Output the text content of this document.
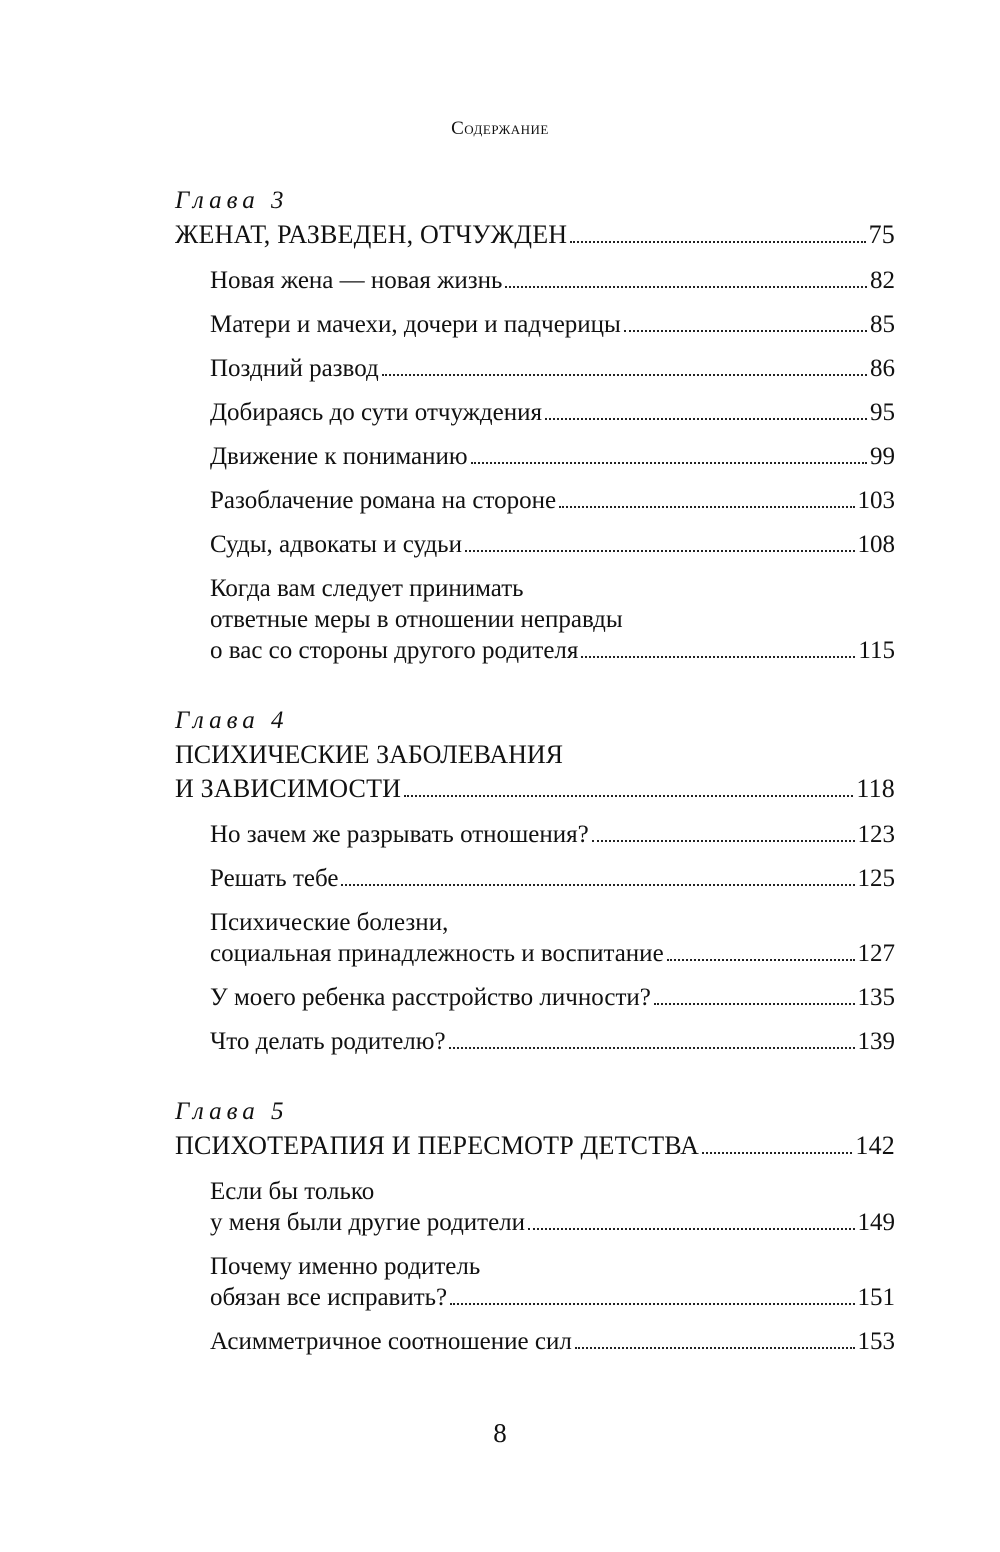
Содержание
Глава 3
ЖЕНАТ, РАЗВЕДЕН, ОТЧУЖДЕН	75
Новая жена — новая жизнь	82
Матери и мачехи, дочери и падчерицы	85
Поздний развод	86
Добираясь до сути отчуждения	95
Движение к пониманию	99
Разоблачение романа на стороне	103
Суды, адвокаты и судьи	108
Когда вам следует принимать
ответные меры в отношении неправды
о вас со стороны другого родителя	115
Глава 4
ПСИХИЧЕСКИЕ ЗАБОЛЕВАНИЯ
И ЗАВИСИМОСТИ	118
Но зачем же разрывать отношения?	123
Решать тебе	125
Психические болезни,
социальная принадлежность и воспитание	127
У моего ребенка расстройство личности?	135
Что делать родителю?	139
Глава 5
ПСИХОТЕРАПИЯ И ПЕРЕСМОТР ДЕТСТВА	142
Если бы только
у меня были другие родители	149
Почему именно родитель
обязан все исправить?	151
Асимметричное соотношение сил	153
8
